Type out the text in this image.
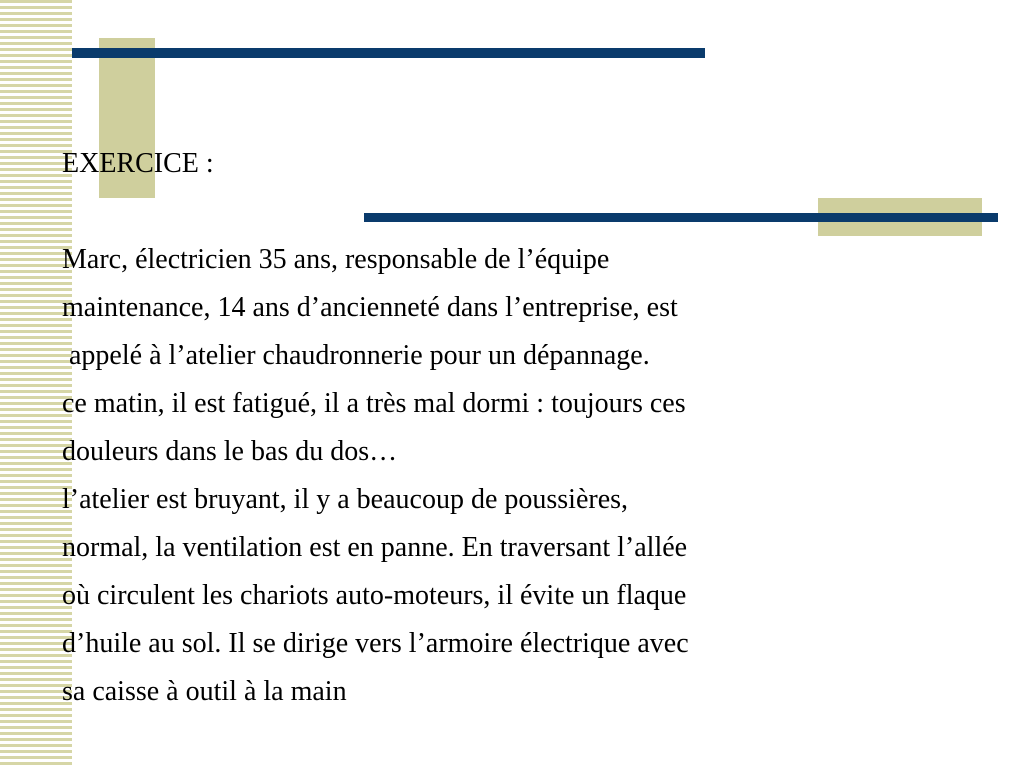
EXERCICE :

Marc, électricien 35 ans, responsable de l’équipe

maintenance, 14 ans d’ancienneté dans l’entreprise, est

appelé à l’atelier chaudronnerie pour un dépannage.

ce matin, il est fatigué, il a très mal dormi : toujours ces

douleurs dans le bas du dos…

l’atelier est bruyant, il y a beaucoup de poussières,

normal, la ventilation est en panne. En traversant l’allée

où circulent les chariots auto-moteurs, il évite un flaque

d’huile au sol. Il se dirige vers l’armoire électrique avec

sa caisse à outil à la main
